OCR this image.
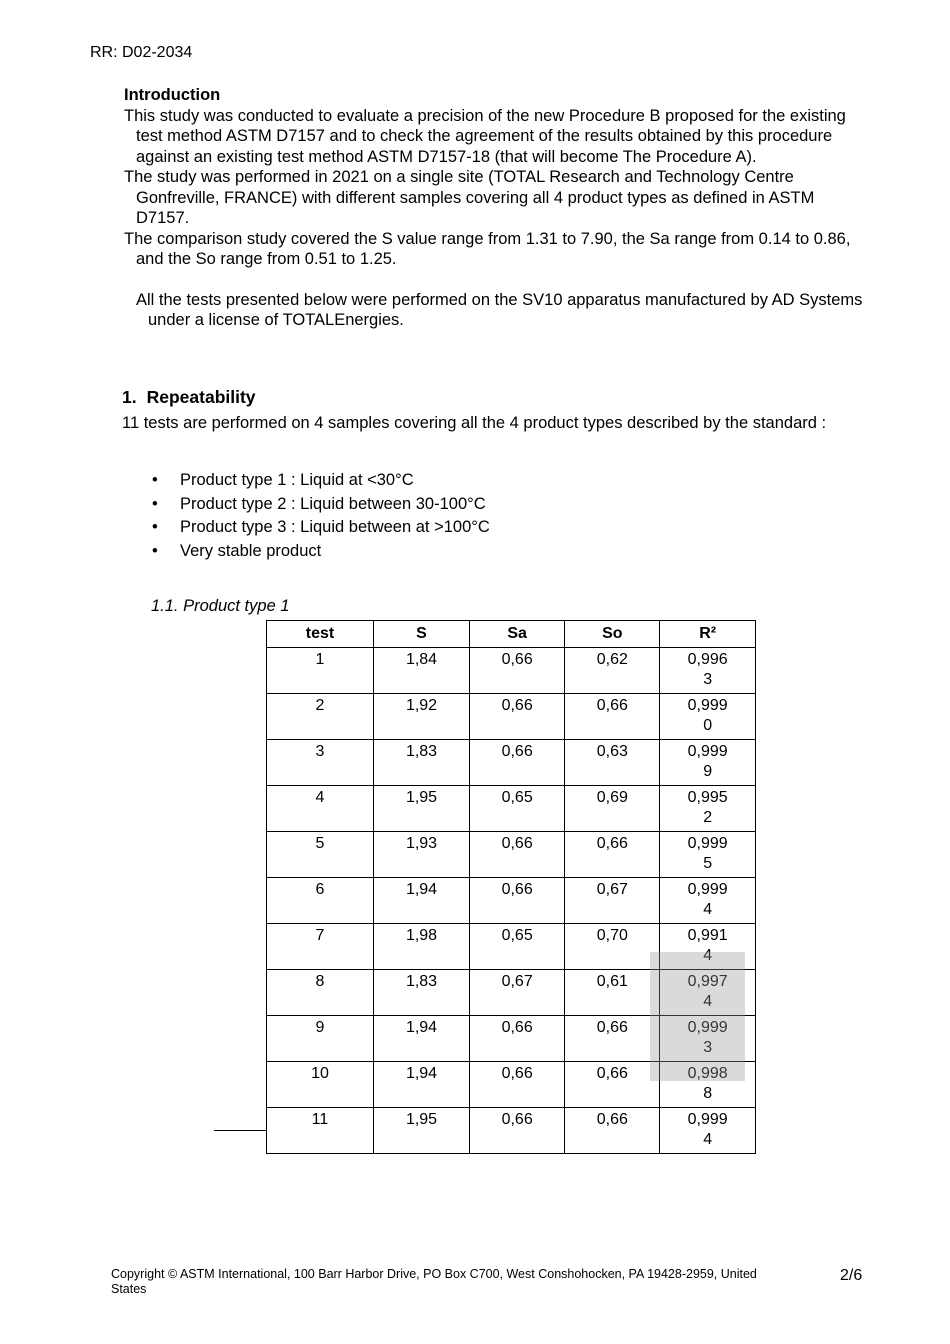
RR: D02-2034

Introduction

This study was conducted to evaluate a precision of the new Procedure B proposed for the existing test method ASTM D7157 and to check the agreement of the results obtained by this procedure against an existing test method ASTM D7157-18 (that will become The Procedure A).

The study was performed in 2021 on a single site (TOTAL Research and Technology Centre Gonfreville, FRANCE) with different samples covering all 4 product types as defined in ASTM D7157.

The comparison study covered the S value range from 1.31 to 7.90, the Sa range from 0.14 to 0.86, and the So range from 0.51 to 1.25.

All the tests presented below were performed on the SV10 apparatus manufactured by AD Systems under a license of TOTALEnergies.

1. Repeatability
11 tests are performed on 4 samples covering all the 4 product types described by the standard :
• Product type 1 : Liquid at <30°C
• Product type 2 : Liquid between 30-100°C
• Product type 3 : Liquid between at >100°C
• Very stable product
1.1. Product type 1
test	S	Sa	So	R²
1	1,84	0,66	0,62	0,9963
2	1,92	0,66	0,66	0,9990
3	1,83	0,66	0,63	0,9999
4	1,95	0,65	0,69	0,9952
5	1,93	0,66	0,66	0,9995
6	1,94	0,66	0,67	0,9994
7	1,98	0,65	0,70	0,9914
8	1,83	0,67	0,61	0,9974
9	1,94	0,66	0,66	0,9993
10	1,94	0,66	0,66	0,9988
11	1,95	0,66	0,66	0,9994
Copyright © ASTM International, 100 Barr Harbor Drive, PO Box C700, West Conshohocken, PA 19428-2959, United States
2/6
